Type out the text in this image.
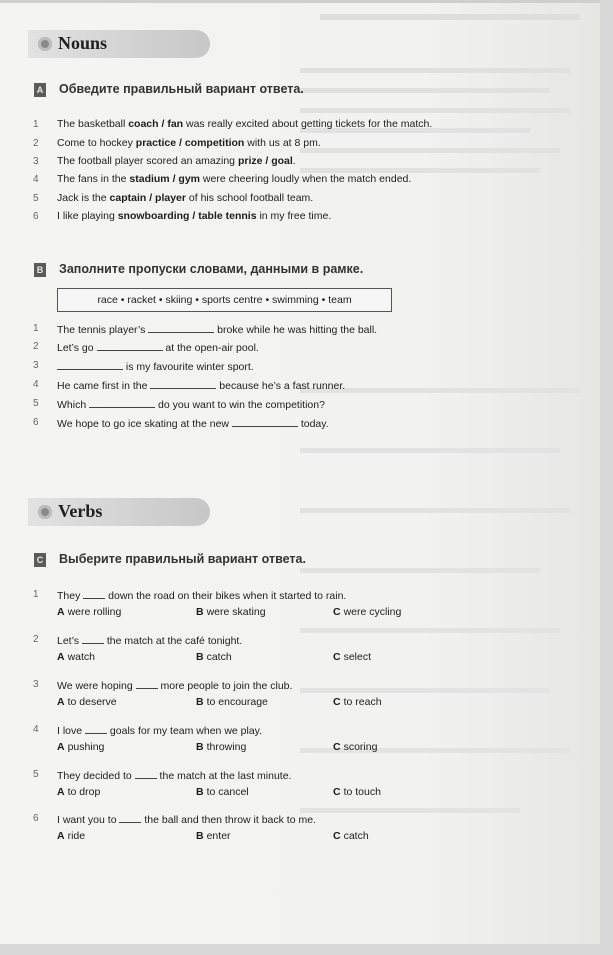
Nouns
A Обведите правильный вариант ответа.
1 The basketball coach / fan was really excited about getting tickets for the match.
2 Come to hockey practice / competition with us at 8 pm.
3 The football player scored an amazing prize / goal.
4 The fans in the stadium / gym were cheering loudly when the match ended.
5 Jack is the captain / player of his school football team.
6 I like playing snowboarding / table tennis in my free time.
B Заполните пропуски словами, данными в рамке.
race • racket • skiing • sports centre • swimming • team
1 The tennis player’s	broke while he was hitting the ball.
2 Let’s go	at the open-air pool.
3	is my favourite winter sport.
4 He came first in the	because he’s a fast runner.
5 Which	do you want to win the competition?
6 We hope to go ice skating at the new	today.
Verbs
C Выберите правильный вариант ответа.
1 They  down the road on their bikes when it started to rain.
A were rolling	B were skating	C were cycling
2 Let’s  the match at the café tonight.
A watch	B catch	C select
3 We were hoping  more people to join the club.
A to deserve	B to encourage	C to reach
4 I love  goals for my team when we play.
A pushing	B throwing	C scoring
5 They decided to  the match at the last minute.
A to drop	B to cancel	C to touch
6 I want you to  the ball and then throw it back to me.
A ride	B enter	C catch
